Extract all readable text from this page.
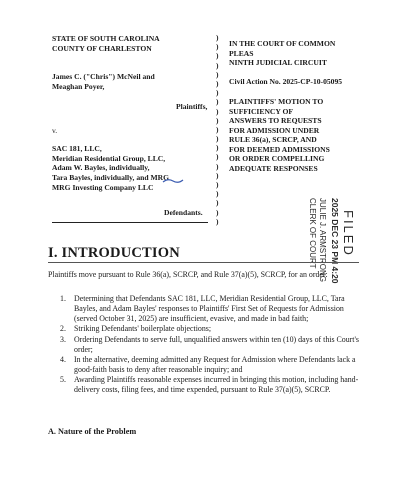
STATE OF SOUTH CAROLINA
COUNTY OF CHARLESTON
James C. ("Chris") McNeil and
Meaghan Poyer,
Plaintiffs,
v.
SAC 181, LLC,
Meridian Residential Group, LLC,
Adam W. Bayles, individually,
Tara Bayles, individually, and MRG
MRG Investing Company LLC
Defendants.
)
)
)
)
)
)
)
)
)
)
)
)
)
)
)
)
)
)
)
)
)
IN THE COURT OF COMMON
PLEAS
NINTH JUDICIAL CIRCUIT
Civil Action No. 2025-CP-10-05095
PLAINTIFFS' MOTION TO
SUFFICIENCY OF
ANSWERS TO REQUESTS
FOR ADMISSION UNDER
RULE 36(a), SCRCP, AND
FOR DEEMED ADMISSIONS
OR ORDER COMPELLING
ADEQUATE RESPONSES
FILED
2025 DEC 23 PM 4:20
JULIE J. ARMSTRONG
CLERK OF COURT
I. INTRODUCTION
Plaintiffs move pursuant to Rule 36(a), SCRCP, and Rule 37(a)(5), SCRCP, for an order:
1. Determining that Defendants SAC 181, LLC, Meridian Residential Group, LLC, Tara Bayles, and Adam Bayles' responses to Plaintiffs' First Set of Requests for Admission (served October 31, 2025) are insufficient, evasive, and made in bad faith;
2. Striking Defendants' boilerplate objections;
3. Ordering Defendants to serve full, unqualified answers within ten (10) days of this Court's order;
4. In the alternative, deeming admitted any Request for Admission where Defendants lack a good-faith basis to deny after reasonable inquiry; and
5. Awarding Plaintiffs reasonable expenses incurred in bringing this motion, including hand-delivery costs, filing fees, and time expended, pursuant to Rule 37(a)(5), SCRCP.
A. Nature of the Problem
